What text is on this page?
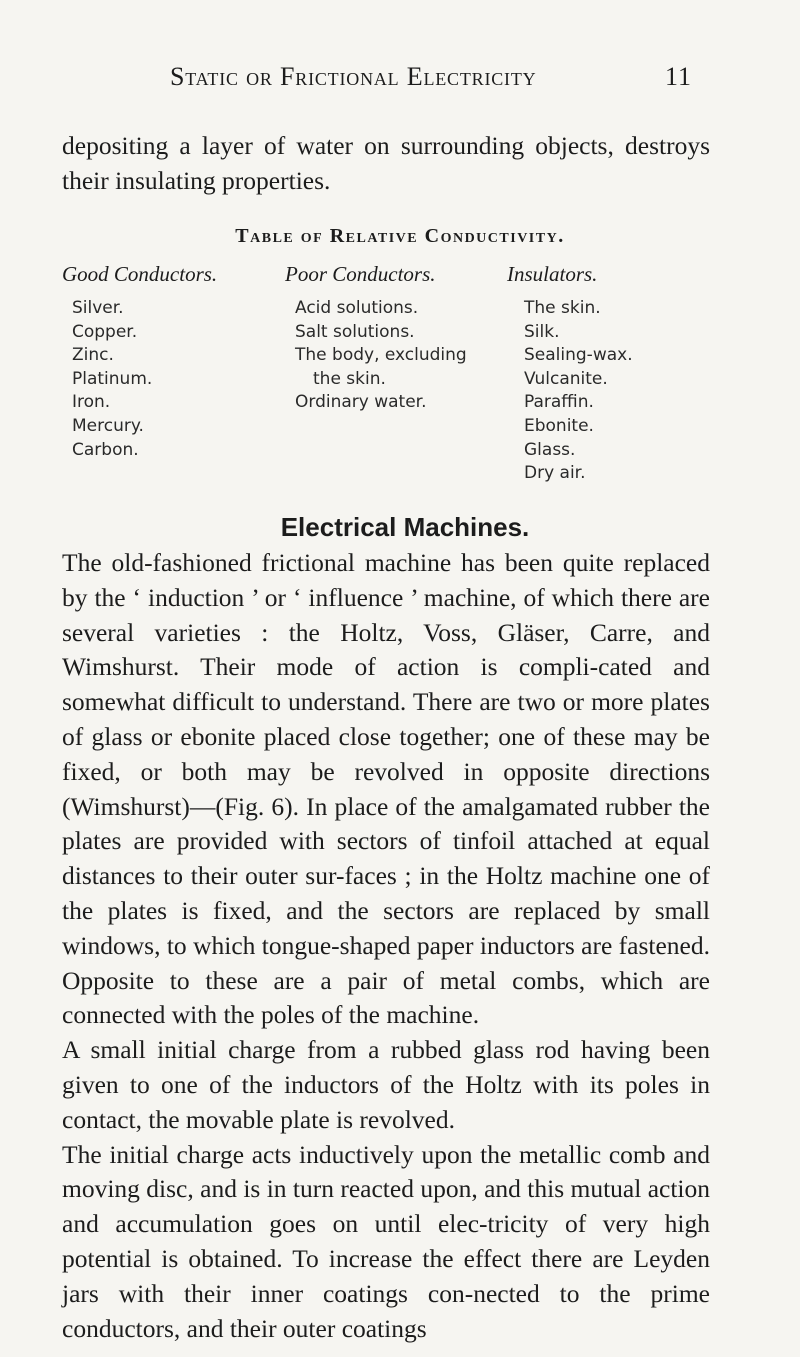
Static or Frictional Electricity	11

depositing a layer of water on surrounding objects, destroys their insulating properties.

Table of Relative Conductivity.
Good Conductors.
Silver.
Copper.
Zinc.
Platinum.
Iron.
Mercury.
Carbon.
Poor Conductors.
Acid solutions.
Salt solutions.
The body, excluding
the skin.
Ordinary water.
Insulators.
The skin.
Silk.
Sealing-wax.
Vulcanite.
Paraffin.
Ebonite.
Glass.
Dry air.
Electrical Machines.

The old-fashioned frictional machine has been quite replaced by the ‘ induction ’ or ‘ influence ’ machine, of which there are several varieties : the Holtz, Voss, Gläser, Carre, and Wimshurst. Their mode of action is compli-cated and somewhat difficult to understand. There are two or more plates of glass or ebonite placed close together; one of these may be fixed, or both may be revolved in opposite directions (Wimshurst)—(Fig. 6). In place of the amalgamated rubber the plates are provided with sectors of tinfoil attached at equal distances to their outer sur-faces ; in the Holtz machine one of the plates is fixed, and the sectors are replaced by small windows, to which tongue-shaped paper inductors are fastened. Opposite to these are a pair of metal combs, which are connected with the poles of the machine.

A small initial charge from a rubbed glass rod having been given to one of the inductors of the Holtz with its poles in contact, the movable plate is revolved.

The initial charge acts inductively upon the metallic comb and moving disc, and is in turn reacted upon, and this mutual action and accumulation goes on until elec-tricity of very high potential is obtained. To increase the effect there are Leyden jars with their inner coatings con-nected to the prime conductors, and their outer coatings
